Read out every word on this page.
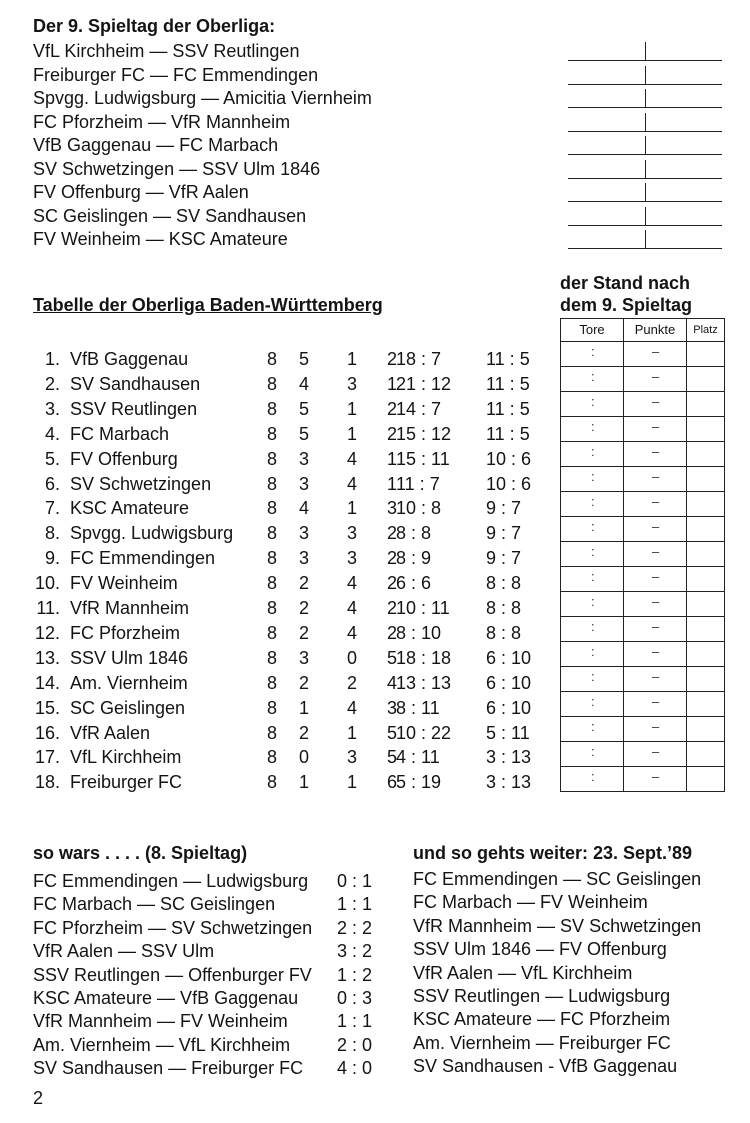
Der 9. Spieltag der Oberliga:
VfL Kirchheim — SSV Reutlingen
Freiburger FC — FC Emmendingen
Spvgg. Ludwigsburg — Amicitia Viernheim
FC Pforzheim — VfR Mannheim
VfB Gaggenau — FC Marbach
SV Schwetzingen — SSV Ulm 1846
FV Offenburg — VfR Aalen
SC Geislingen — SV Sandhausen
FV Weinheim — KSC Amateure
Tabelle der Oberliga Baden-Württemberg
der Stand nach
dem 9. Spieltag
1. VfB Gaggenau	8	5	1	2 18 : 7	11 : 5
2. SV Sandhausen	8	4	3	1 21 : 12	11 : 5
3. SSV Reutlingen	8	5	1	2 14 : 7	11 : 5
4. FC Marbach	8	5	1	2 15 : 12	11 : 5
5. FV Offenburg	8	3	4	1 15 : 11	10 : 6
6. SV Schwetzingen	8	3	4	1 11 : 7	10 : 6
7. KSC Amateure	8	4	1	3 10 : 8	9 : 7
8. Spvgg. Ludwigsburg	8	3	3	2 8 : 8	9 : 7
9. FC Emmendingen	8	3	3	2 8 : 9	9 : 7
10. FV Weinheim	8	2	4	2 6 : 6	8 : 8
11. VfR Mannheim	8	2	4	2 10 : 11	8 : 8
12. FC Pforzheim	8	2	4	2 8 : 10	8 : 8
13. SSV Ulm 1846	8	3	0	5 18 : 18	6 : 10
14. Am. Viernheim	8	2	2	4 13 : 13	6 : 10
15. SC Geislingen	8	1	4	3 8 : 11	6 : 10
16. VfR Aalen	8	2	1	5 10 : 22	5 : 11
17. VfL Kirchheim	8	0	3	5 4 : 11	3 : 13
18. Freiburger FC	8	1	1	6 5 : 19	3 : 13
Tore	Punkte	Platz
:	–
:	–
:	–
:	–
:	–
:	–
:	–
:	–
:	–
:	–
:	–
:	–
:	–
:	–
:	–
:	–
:	–
:	–
so wars . . . . (8. Spieltag)
FC Emmendingen — Ludwigsburg 0 : 1
FC Marbach — SC Geislingen	1 : 1
FC Pforzheim — SV Schwetzingen 2 : 2
VfR Aalen — SSV Ulm	3 : 2
SSV Reutlingen — Offenburger FV 1 : 2
KSC Amateure — VfB Gaggenau 0 : 3
VfR Mannheim — FV Weinheim	1 : 1
Am. Viernheim — VfL Kirchheim	2 : 0
SV Sandhausen — Freiburger FC 4 : 0
und so gehts weiter: 23. Sept.’89
FC Emmendingen — SC Geislingen
FC Marbach — FV Weinheim
VfR Mannheim — SV Schwetzingen
SSV Ulm 1846 — FV Offenburg
VfR Aalen — VfL Kirchheim
SSV Reutlingen — Ludwigsburg
KSC Amateure — FC Pforzheim
Am. Viernheim — Freiburger FC
SV Sandhausen - VfB Gaggenau
2
